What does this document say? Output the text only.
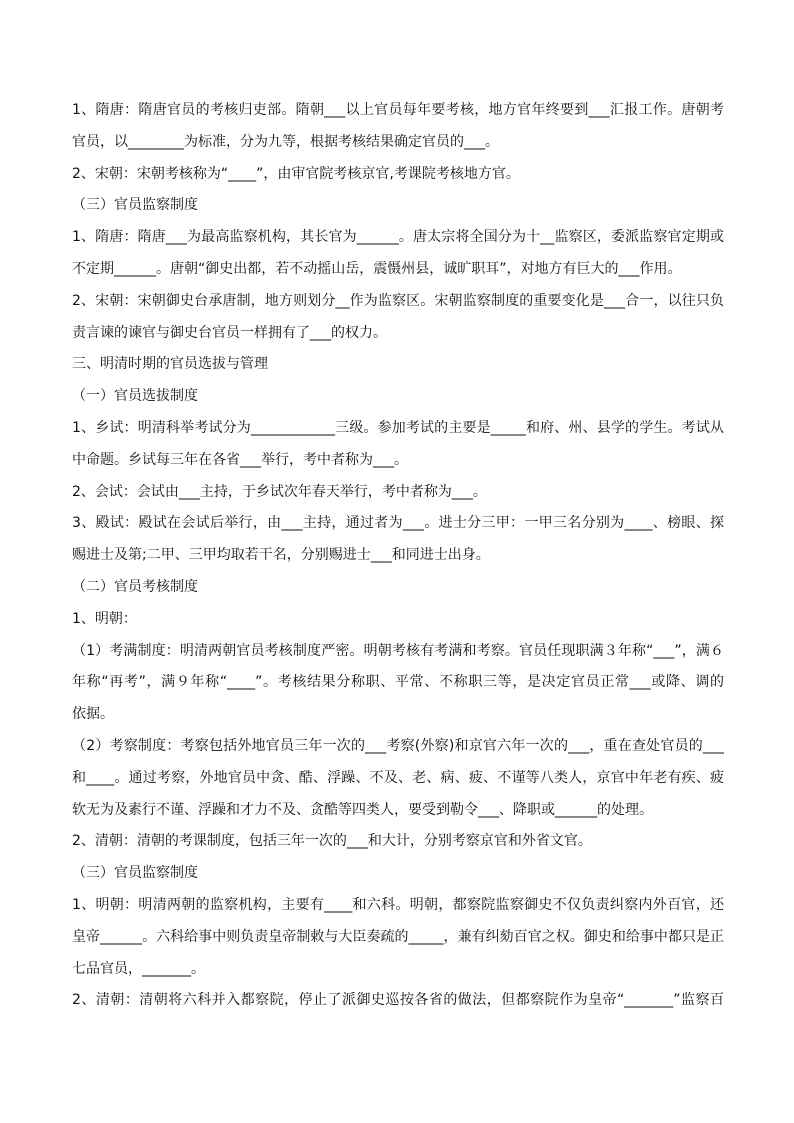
1、隋唐：隋唐官员的考核归吏部。隋朝___以上官员每年要考核，地方官年终要到___汇报工作。唐朝考
官员，以________为标准，分为九等，根据考核结果确定官员的___。
2、宋朝：宋朝考核称为“____”，由审官院考核京官,考课院考核地方官。
（三）官员监察制度
1、隋唐：隋唐___为最高监察机构，其长官为______。唐太宗将全国分为十__监察区，委派监察官定期或
不定期______。唐朝“御史出都，若不动摇山岳，震慑州县，诚旷职耳”，对地方有巨大的___作用。
2、宋朝：宋朝御史台承唐制，地方则划分__作为监察区。宋朝监察制度的重要变化是___合一，以往只负
责言谏的谏官与御史台官员一样拥有了___的权力。
三、明清时期的官员选拔与管理
（一）官员选拔制度
1、乡试：明清科举考试分为____________三级。参加考试的主要是_____和府、州、县学的学生。考试从
中命题。乡试每三年在各省___举行，考中者称为___。
2、会试：会试由___主持，于乡试次年春天举行，考中者称为___。
3、殿试：殿试在会试后举行，由___主持，通过者为___。进士分三甲：一甲三名分别为____、榜眼、探
赐进士及第;二甲、三甲均取若干名，分别赐进士___和同进士出身。
（二）官员考核制度
1、明朝：
（1）考满制度：明清两朝官员考核制度严密。明朝考核有考满和考察。官员任现职满３年称“___”，满６
年称“再考”，满９年称“____”。考核结果分称职、平常、不称职三等，是决定官员正常___或降、调的
依据。
（2）考察制度：考察包括外地官员三年一次的___考察(外察)和京官六年一次的___，重在查处官员的___
和____。通过考察，外地官员中贪、酷、浮躁、不及、老、病、疲、不谨等八类人，京官中年老有疾、疲
软无为及素行不谨、浮躁和才力不及、贪酷等四类人，要受到勒令___、降职或______的处理。
2、清朝：清朝的考课制度，包括三年一次的___和大计，分别考察京官和外省文官。
（三）官员监察制度
1、明朝：明清两朝的监察机构，主要有____和六科。明朝，都察院监察御史不仅负责纠察内外百官，还
皇帝______。六科给事中则负责皇帝制敕与大臣奏疏的_____，兼有纠劾百官之权。御史和给事中都只是正
七品官员，_______。
2、清朝：清朝将六科并入都察院，停止了派御史巡按各省的做法，但都察院作为皇帝“_______”监察百
